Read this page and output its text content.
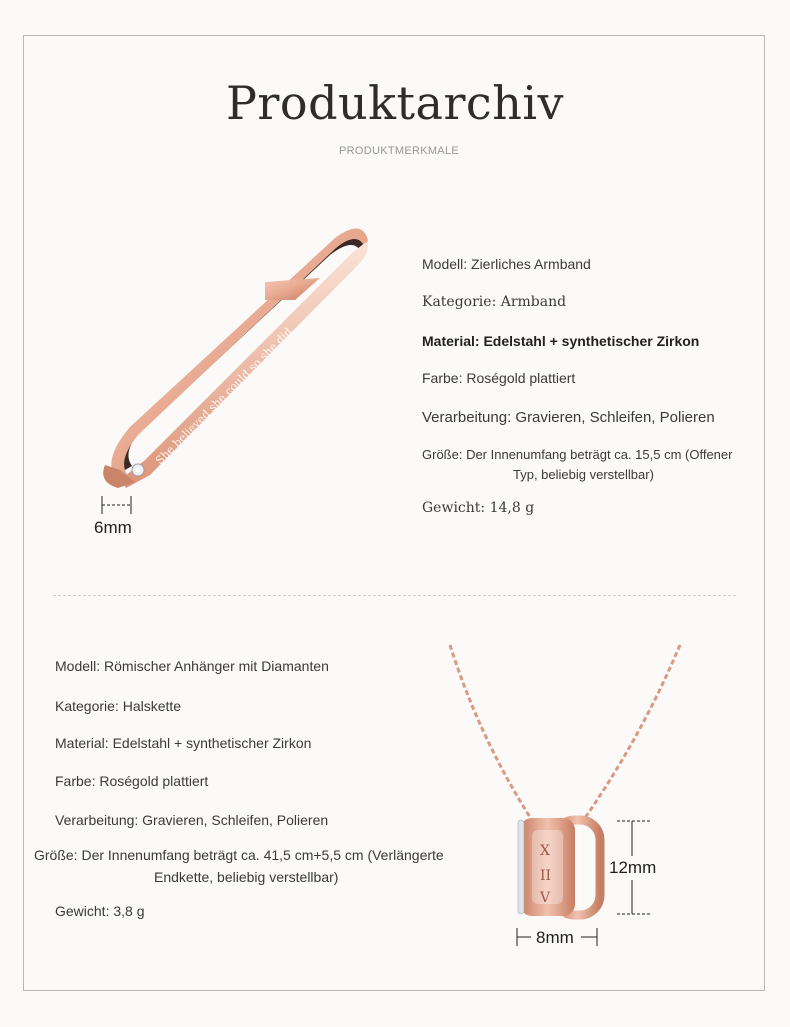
Produktarchiv
PRODUKTMERKMALE
She believed she could so she did
6mm
Modell: Zierliches Armband
Kategorie: Armband
Material: Edelstahl + synthetischer Zirkon
Farbe: Roségold plattiert
Verarbeitung: Gravieren, Schleifen, Polieren
Größe: Der Innenumfang beträgt ca. 15,5 cm (Offener
Typ, beliebig verstellbar)
Gewicht: 14,8 g
Modell: Römischer Anhänger mit Diamanten
Kategorie: Halskette
Material: Edelstahl + synthetischer Zirkon
Farbe: Roségold plattiert
Verarbeitung: Gravieren, Schleifen, Polieren
Größe: Der Innenumfang beträgt ca. 41,5 cm+5,5 cm (Verlängerte
Endkette, beliebig verstellbar)
Gewicht: 3,8 g
X
II
V
12mm
8mm
